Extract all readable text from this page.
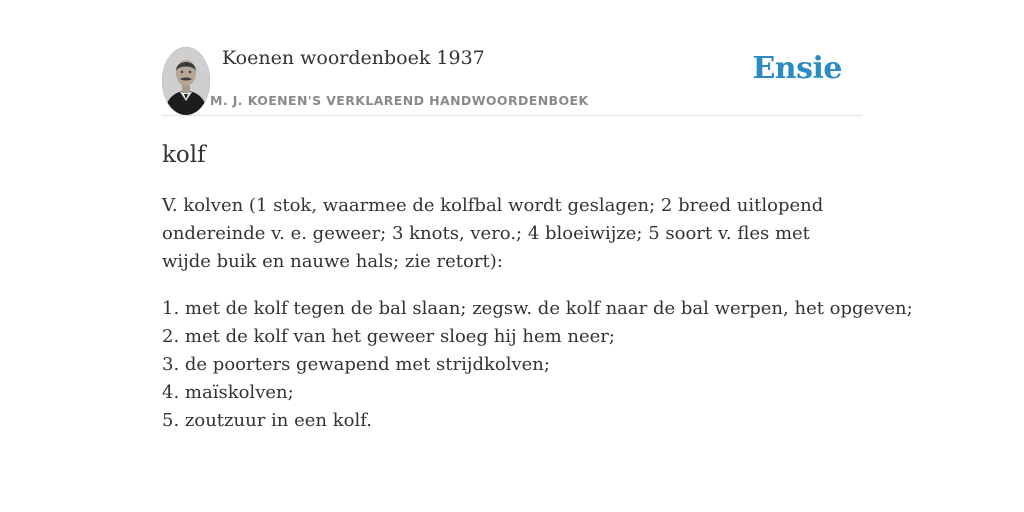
Koenen woordenboek 1937
M. J. KOENEN'S VERKLAREND HANDWOORDENBOEK
Ensie
kolf

V. kolven (1 stok, waarmee de kolfbal wordt geslagen; 2 breed uitlopend ondereinde v. e. geweer; 3 knots, vero.; 4 bloeiwijze; 5 soort v. fles met wijde buik en nauwe hals; zie retort):

1. met de kolf tegen de bal slaan; zegsw. de kolf naar de bal werpen, het opgeven;
2. met de kolf van het geweer sloeg hij hem neer;
3. de poorters gewapend met strijdkolven;
4. maïskolven;
5. zoutzuur in een kolf.
